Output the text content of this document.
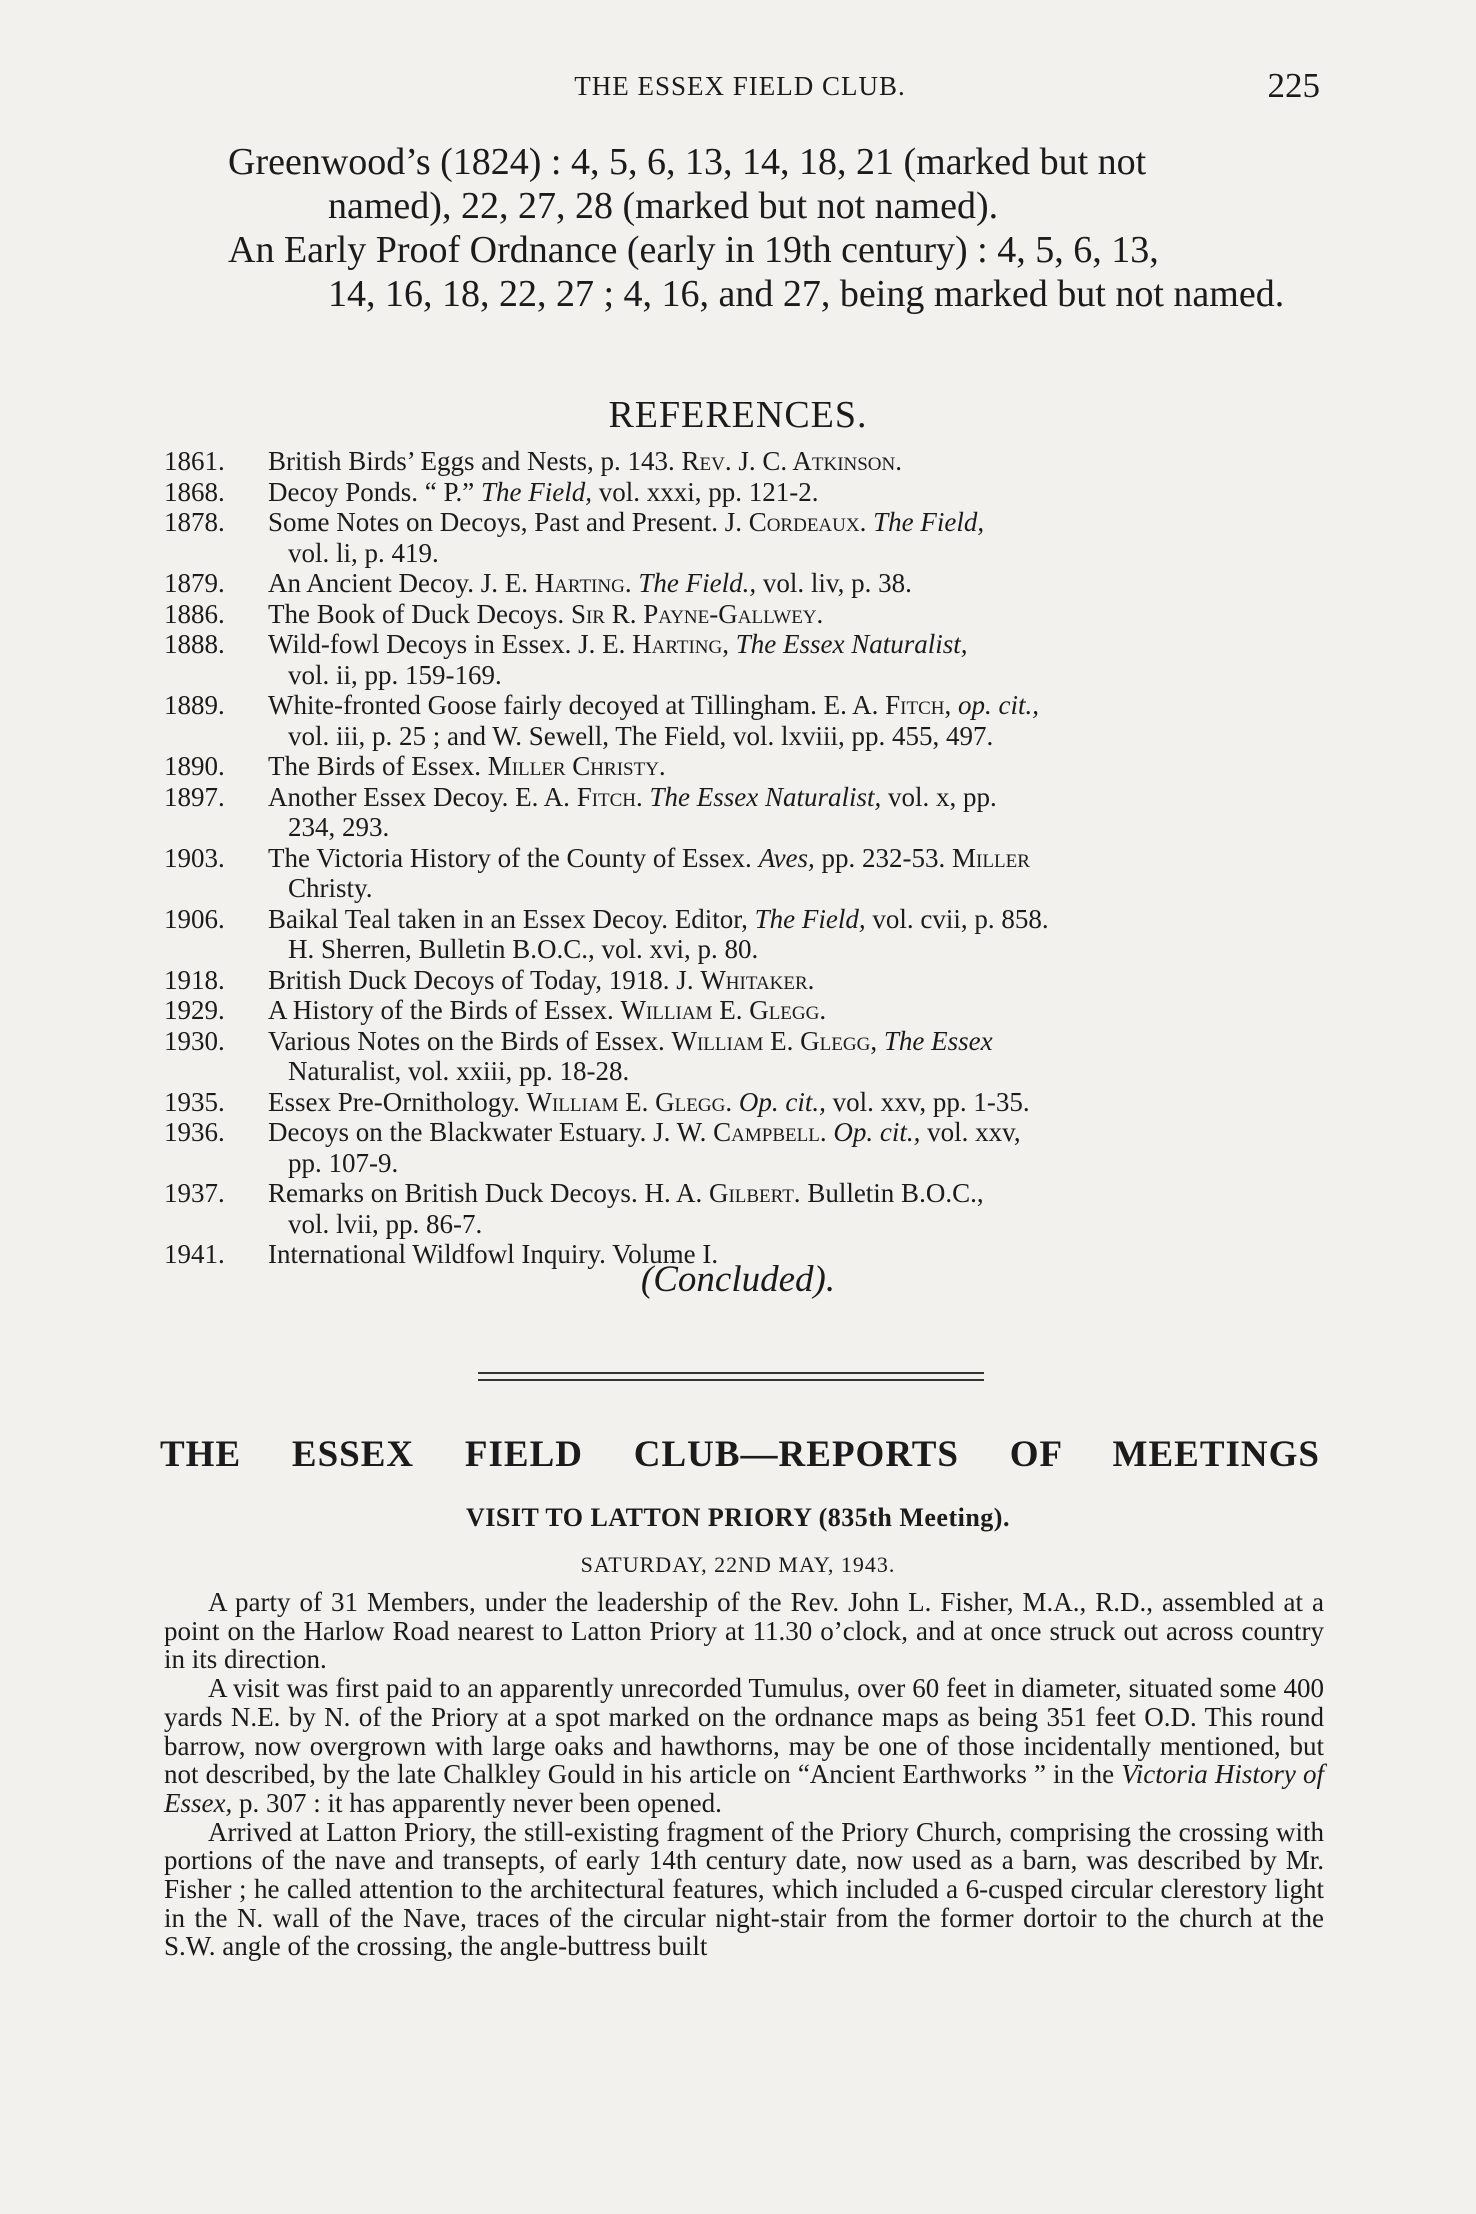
THE ESSEX FIELD CLUB.	225
Greenwood’s (1824) : 4, 5, 6, 13, 14, 18, 21 (marked but not
named), 22, 27, 28 (marked but not named).
An Early Proof Ordnance (early in 19th century) : 4, 5, 6, 13,
14, 16, 18, 22, 27 ; 4, 16, and 27, being marked but not named.
REFERENCES.
1861. British Birds’ Eggs and Nests, p. 143. Rev. J. C. Atkinson.
1868. Decoy Ponds. “ P.” The Field, vol. xxxi, pp. 121-2.
1878. Some Notes on Decoys, Past and Present. J. Cordeaux. The Field,
vol. li, p. 419.
1879. An Ancient Decoy. J. E. Harting. The Field., vol. liv, p. 38.
1886. The Book of Duck Decoys. Sir R. Payne-Gallwey.
1888. Wild-fowl Decoys in Essex. J. E. Harting, The Essex Naturalist,
vol. ii, pp. 159-169.
1889. White-fronted Goose fairly decoyed at Tillingham. E. A. Fitch, op. cit.,
vol. iii, p. 25 ; and W. Sewell, The Field, vol. lxviii, pp. 455, 497.
1890. The Birds of Essex. Miller Christy.
1897. Another Essex Decoy. E. A. Fitch. The Essex Naturalist, vol. x, pp.
234, 293.
1903. The Victoria History of the County of Essex. Aves, pp. 232-53. Miller
Christy.
1906. Baikal Teal taken in an Essex Decoy. Editor, The Field, vol. cvii, p. 858.
H. Sherren, Bulletin B.O.C., vol. xvi, p. 80.
1918. British Duck Decoys of Today, 1918. J. Whitaker.
1929. A History of the Birds of Essex. William E. Glegg.
1930. Various Notes on the Birds of Essex. William E. Glegg, The Essex
Naturalist, vol. xxiii, pp. 18-28.
1935. Essex Pre-Ornithology. William E. Glegg. Op. cit., vol. xxv, pp. 1-35.
1936. Decoys on the Blackwater Estuary. J. W. Campbell. Op. cit., vol. xxv,
pp. 107-9.
1937. Remarks on British Duck Decoys. H. A. Gilbert. Bulletin B.O.C.,
vol. lvii, pp. 86-7.
1941. International Wildfowl Inquiry. Volume I.
(Concluded).
THE ESSEX FIELD CLUB—REPORTS OF MEETINGS
VISIT TO LATTON PRIORY (835th Meeting).
SATURDAY, 22ND MAY, 1943.

A party of 31 Members, under the leadership of the Rev. John L. Fisher, M.A., R.D., assembled at a point on the Harlow Road nearest to Latton Priory at 11.30 o’clock, and at once struck out across country in its direction.

A visit was first paid to an apparently unrecorded Tumulus, over 60 feet in diameter, situated some 400 yards N.E. by N. of the Priory at a spot marked on the ordnance maps as being 351 feet O.D. This round barrow, now overgrown with large oaks and hawthorns, may be one of those incidentally mentioned, but not described, by the late Chalkley Gould in his article on “Ancient Earthworks ” in the Victoria History of Essex, p. 307 : it has apparently never been opened.

Arrived at Latton Priory, the still-existing fragment of the Priory Church, comprising the crossing with portions of the nave and transepts, of early 14th century date, now used as a barn, was described by Mr. Fisher ; he called attention to the architectural features, which included a 6-cusped circular clerestory light in the N. wall of the Nave, traces of the circular night-stair from the former dortoir to the church at the S.W. angle of the crossing, the angle-buttress built
